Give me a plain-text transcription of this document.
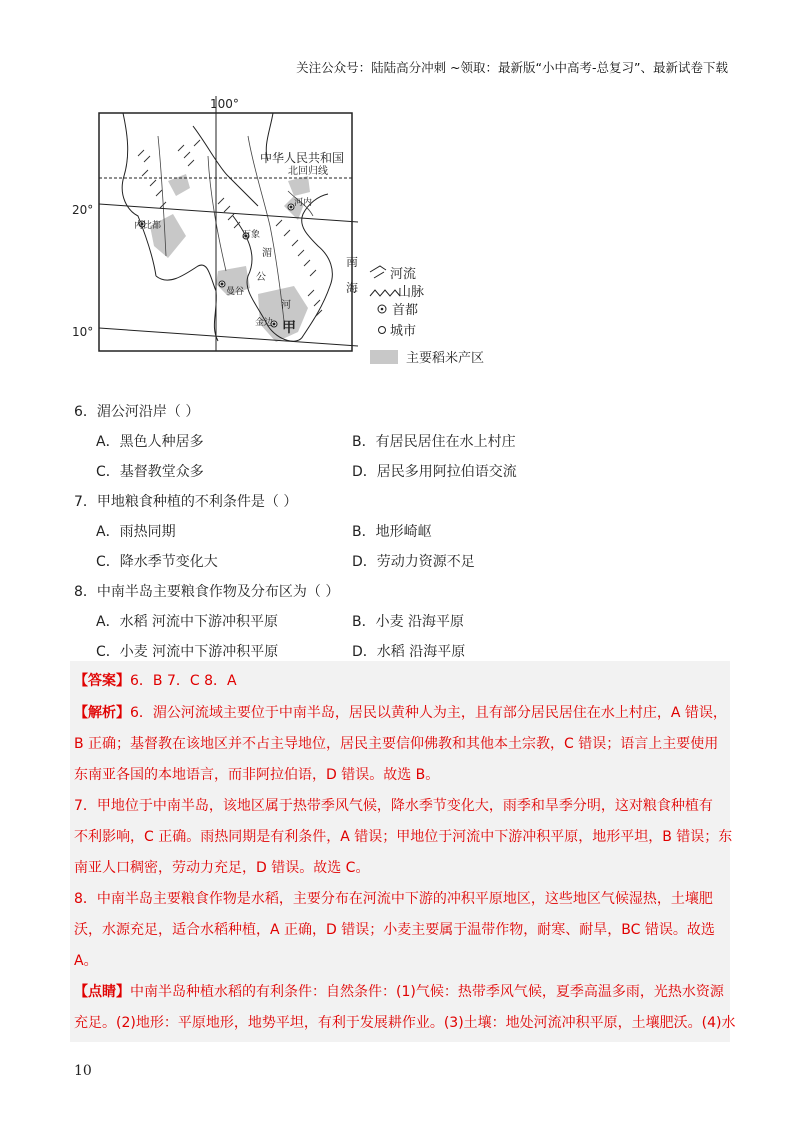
关注公众号：陆陆高分冲刺 ~领取：最新版“小中高考-总复习”、最新试卷下载
100°
20°
10°
中华人民共和国
北回归线
河内
内比都
万象
曼谷
金边
湄
公
河
南
海
甲
河流
山脉
首都
城市
主要稻米产区
6．湄公河沿岸（ ）
A．黑色人种居多	B．有居民居住在水上村庄
C．基督教堂众多	D．居民多用阿拉伯语交流
7．甲地粮食种植的不利条件是（ ）
A．雨热同期	B．地形崎岖
C．降水季节变化大	D．劳动力资源不足
8．中南半岛主要粮食作物及分布区为（ ）
A．水稻 河流中下游冲积平原	B．小麦 沿海平原
C．小麦 河流中下游冲积平原	D．水稻 沿海平原
【答案】6．B 7．C 8．A
【解析】6．湄公河流域主要位于中南半岛，居民以黄种人为主，且有部分居民居住在水上村庄，A 错误，
B 正确；基督教在该地区并不占主导地位，居民主要信仰佛教和其他本土宗教，C 错误；语言上主要使用
东南亚各国的本地语言，而非阿拉伯语，D 错误。故选 B。
7．甲地位于中南半岛，该地区属于热带季风气候，降水季节变化大，雨季和旱季分明，这对粮食种植有
不利影响，C 正确。雨热同期是有利条件，A 错误；甲地位于河流中下游冲积平原，地形平坦，B 错误；东
南亚人口稠密，劳动力充足，D 错误。故选 C。
8．中南半岛主要粮食作物是水稻，主要分布在河流中下游的冲积平原地区，这些地区气候湿热，土壤肥
沃，水源充足，适合水稻种植，A 正确，D 错误；小麦主要属于温带作物，耐寒、耐旱，BC 错误。故选
A。
【点睛】中南半岛种植水稻的有利条件：自然条件：(1)气候：热带季风气候，夏季高温多雨，光热水资源
充足。(2)地形：平原地形，地势平坦，有利于发展耕作业。(3)土壤：地处河流冲积平原，土壤肥沃。(4)水
10
